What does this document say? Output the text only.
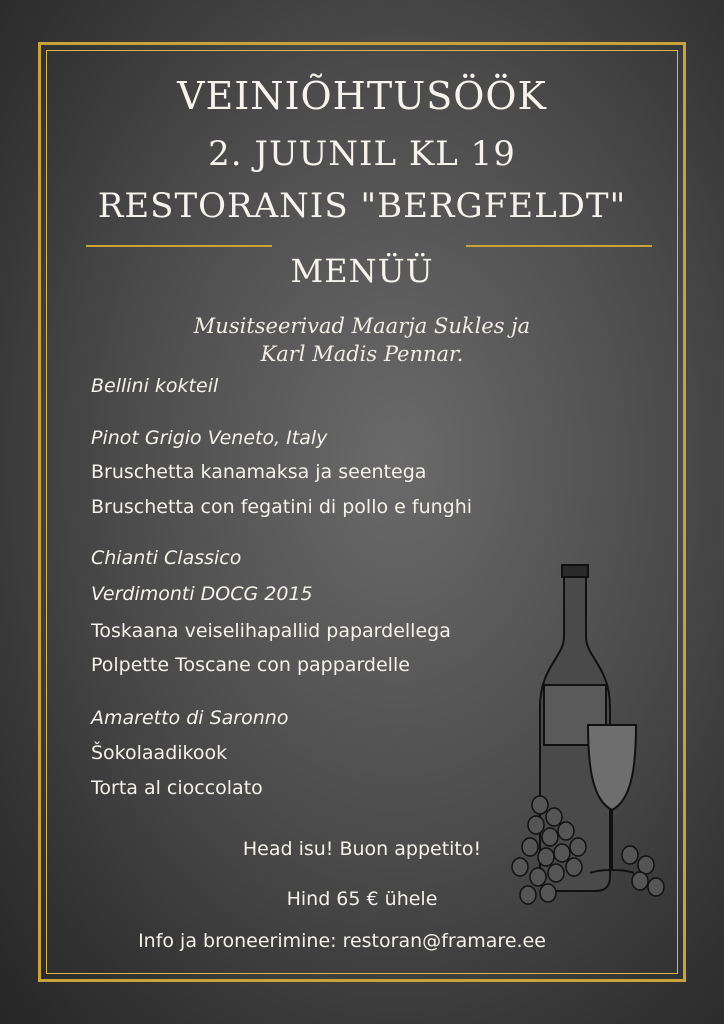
VEINIÕHTUSÖÖK
2. JUUNIL KL 19
RESTORANIS "BERGFELDT"
MENÜÜ
Musitseerivad Maarja Sukles ja
Karl Madis Pennar.
Bellini kokteil
Pinot Grigio Veneto, Italy
Bruschetta kanamaksa ja seentega
Bruschetta con fegatini di pollo e funghi
Chianti Classico
Verdimonti DOCG 2015
Toskaana veiselihapallid papardellega
Polpette Toscane con pappardelle
Amaretto di Saronno
Šokolaadikook
Torta al cioccolato
Head isu! Buon appetito!
Hind 65 € ühele
Info ja broneerimine: restoran@framare.ee
